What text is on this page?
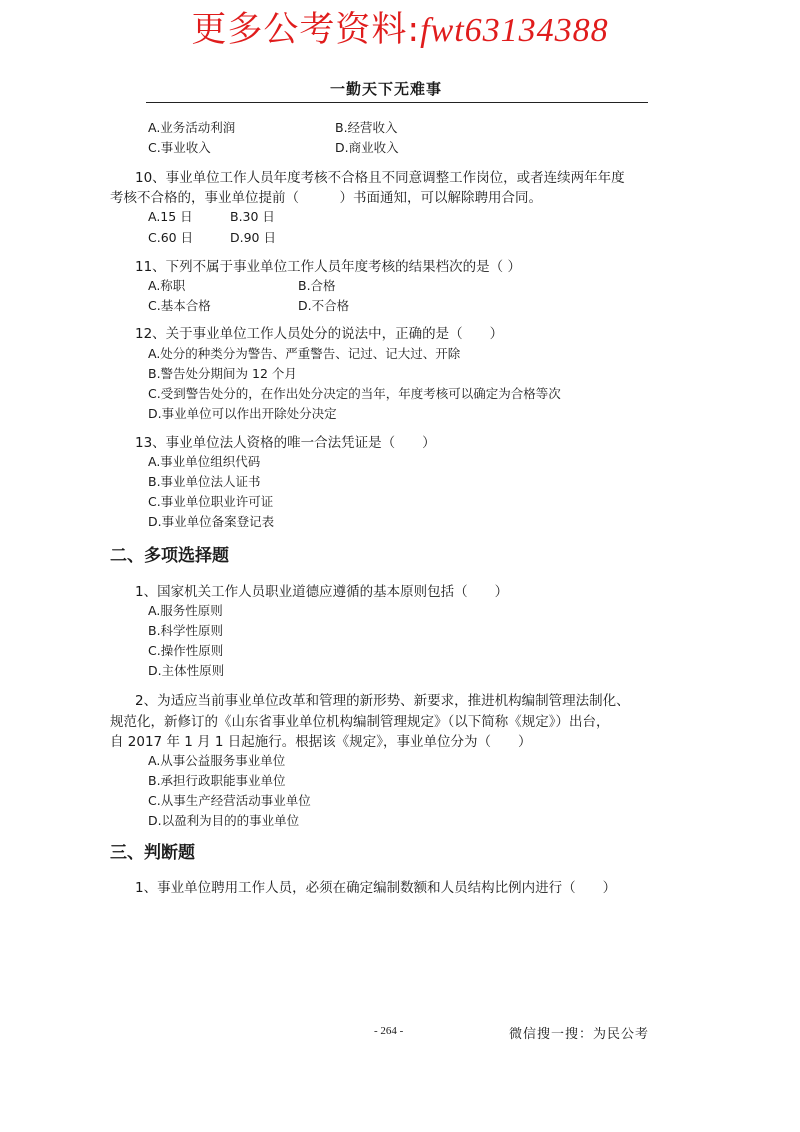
更多公考资料:fwt63134388
一勤天下无难事
A.业务活动利润	B.经营收入
C.事业收入	D.商业收入
10、事业单位工作人员年度考核不合格且不同意调整工作岗位，或者连续两年年度
考核不合格的，事业单位提前（　　　）书面通知，可以解除聘用合同。
A.15 日	B.30 日
C.60 日	D.90 日
11、下列不属于事业单位工作人员年度考核的结果档次的是（ ）
A.称职	B.合格
C.基本合格	D.不合格
12、关于事业单位工作人员处分的说法中，正确的是（　　）
A.处分的种类分为警告、严重警告、记过、记大过、开除
B.警告处分期间为 12 个月
C.受到警告处分的，在作出处分决定的当年，年度考核可以确定为合格等次
D.事业单位可以作出开除处分决定
13、事业单位法人资格的唯一合法凭证是（　　）
A.事业单位组织代码
B.事业单位法人证书
C.事业单位职业许可证
D.事业单位备案登记表
二、多项选择题
1、国家机关工作人员职业道德应遵循的基本原则包括（　　）
A.服务性原则
B.科学性原则
C.操作性原则
D.主体性原则
2、为适应当前事业单位改革和管理的新形势、新要求，推进机构编制管理法制化、
规范化，新修订的《山东省事业单位机构编制管理规定》（以下简称《规定》）出台，
自 2017 年 1 月 1 日起施行。根据该《规定》，事业单位分为（　　）
A.从事公益服务事业单位
B.承担行政职能事业单位
C.从事生产经营活动事业单位
D.以盈利为目的的事业单位
三、判断题
1、事业单位聘用工作人员，必须在确定编制数额和人员结构比例内进行（　　）
- 264 -	微信搜一搜：为民公考
